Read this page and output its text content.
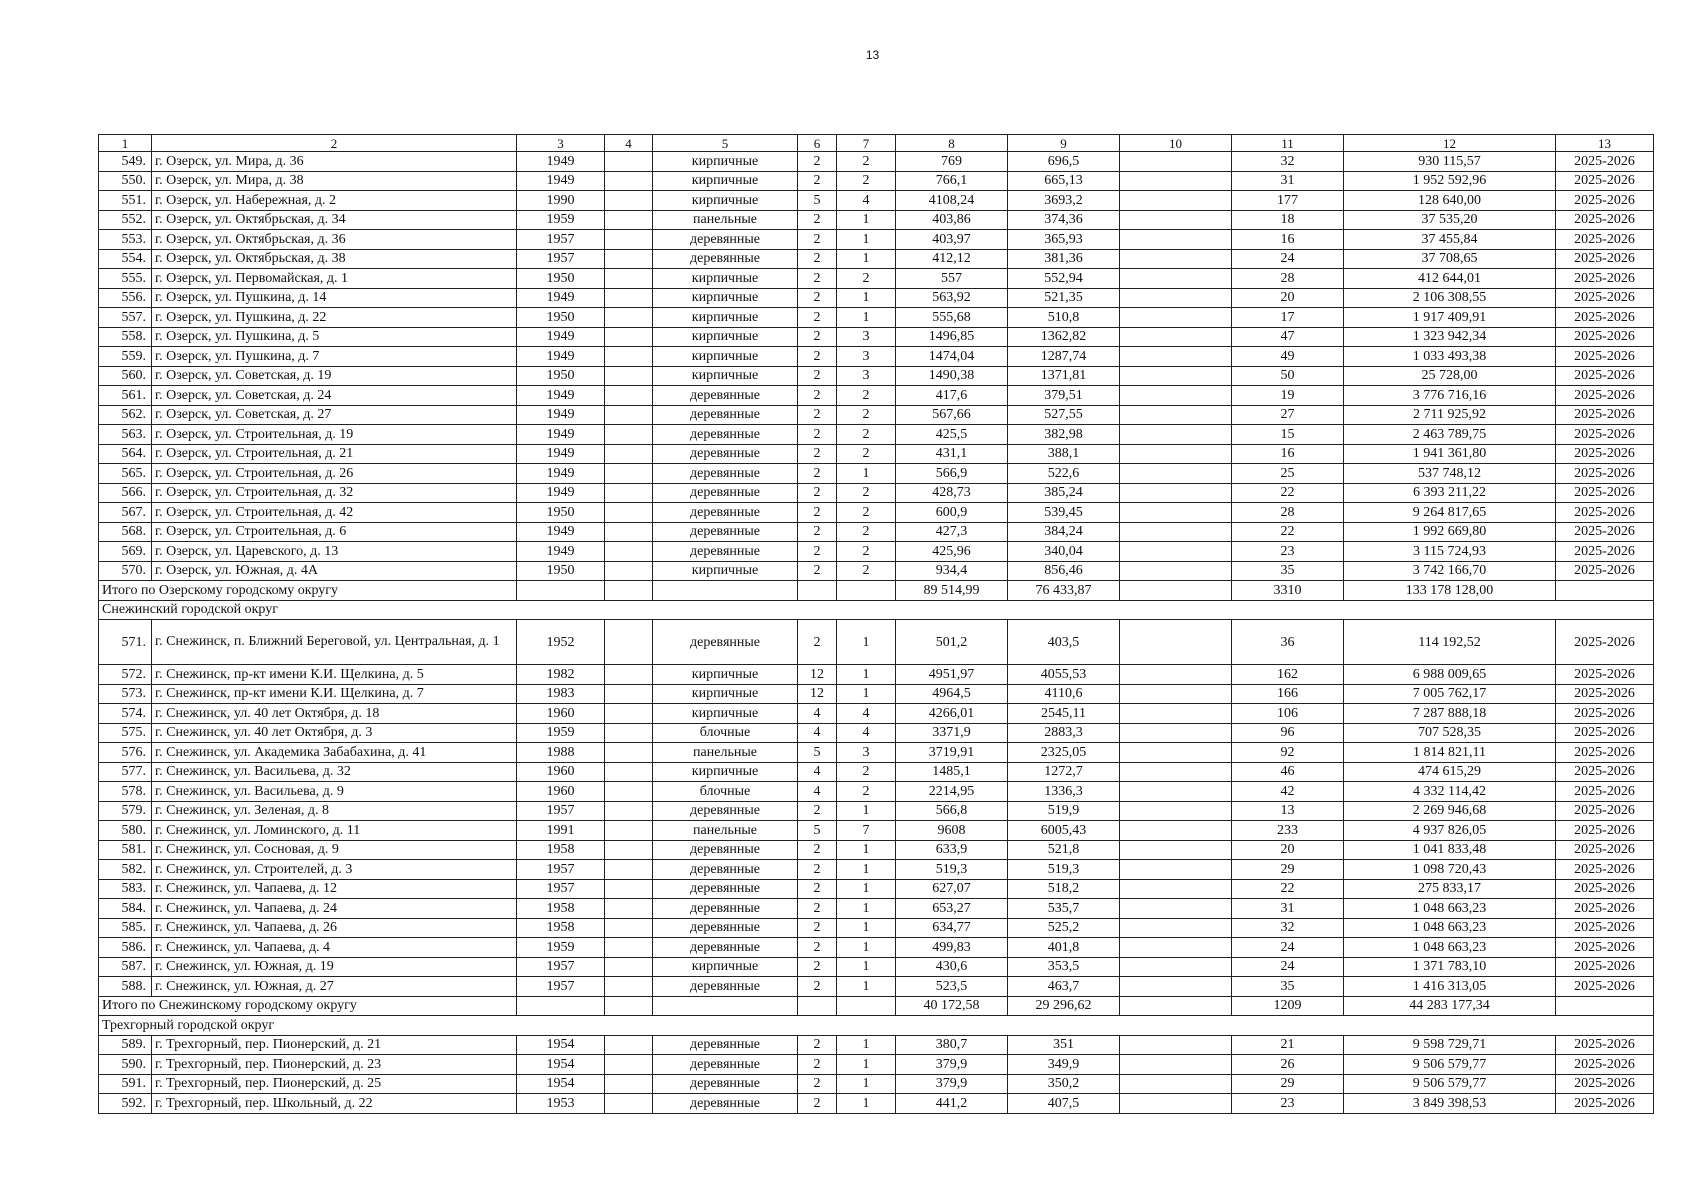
13
1	2	3	4	5	6	7	8	9	10	11	12	13
549.	г. Озерск, ул. Мира, д. 36	1949		кирпичные	2	2	769	696,5		32	930 115,57	2025-2026
550.	г. Озерск, ул. Мира, д. 38	1949		кирпичные	2	2	766,1	665,13		31	1 952 592,96	2025-2026
551.	г. Озерск, ул. Набережная, д. 2	1990		кирпичные	5	4	4108,24	3693,2		177	128 640,00	2025-2026
552.	г. Озерск, ул. Октябрьская, д. 34	1959		панельные	2	1	403,86	374,36		18	37 535,20	2025-2026
553.	г. Озерск, ул. Октябрьская, д. 36	1957		деревянные	2	1	403,97	365,93		16	37 455,84	2025-2026
554.	г. Озерск, ул. Октябрьская, д. 38	1957		деревянные	2	1	412,12	381,36		24	37 708,65	2025-2026
555.	г. Озерск, ул. Первомайская, д. 1	1950		кирпичные	2	2	557	552,94		28	412 644,01	2025-2026
556.	г. Озерск, ул. Пушкина, д. 14	1949		кирпичные	2	1	563,92	521,35		20	2 106 308,55	2025-2026
557.	г. Озерск, ул. Пушкина, д. 22	1950		кирпичные	2	1	555,68	510,8		17	1 917 409,91	2025-2026
558.	г. Озерск, ул. Пушкина, д. 5	1949		кирпичные	2	3	1496,85	1362,82		47	1 323 942,34	2025-2026
559.	г. Озерск, ул. Пушкина, д. 7	1949		кирпичные	2	3	1474,04	1287,74		49	1 033 493,38	2025-2026
560.	г. Озерск, ул. Советская, д. 19	1950		кирпичные	2	3	1490,38	1371,81		50	25 728,00	2025-2026
561.	г. Озерск, ул. Советская, д. 24	1949		деревянные	2	2	417,6	379,51		19	3 776 716,16	2025-2026
562.	г. Озерск, ул. Советская, д. 27	1949		деревянные	2	2	567,66	527,55		27	2 711 925,92	2025-2026
563.	г. Озерск, ул. Строительная, д. 19	1949		деревянные	2	2	425,5	382,98		15	2 463 789,75	2025-2026
564.	г. Озерск, ул. Строительная, д. 21	1949		деревянные	2	2	431,1	388,1		16	1 941 361,80	2025-2026
565.	г. Озерск, ул. Строительная, д. 26	1949		деревянные	2	1	566,9	522,6		25	537 748,12	2025-2026
566.	г. Озерск, ул. Строительная, д. 32	1949		деревянные	2	2	428,73	385,24		22	6 393 211,22	2025-2026
567.	г. Озерск, ул. Строительная, д. 42	1950		деревянные	2	2	600,9	539,45		28	9 264 817,65	2025-2026
568.	г. Озерск, ул. Строительная, д. 6	1949		деревянные	2	2	427,3	384,24		22	1 992 669,80	2025-2026
569.	г. Озерск, ул. Царевского, д. 13	1949		деревянные	2	2	425,96	340,04		23	3 115 724,93	2025-2026
570.	г. Озерск, ул. Южная, д. 4А	1950		кирпичные	2	2	934,4	856,46		35	3 742 166,70	2025-2026
Итого по Озерскому городскому округу							89 514,99	76 433,87		3310	133 178 128,00	
Снежинский городской округ												
571.	г. Снежинск, п. Ближний Береговой, ул. Центральная, д. 1	1952		деревянные	2	1	501,2	403,5		36	114 192,52	2025-2026
572.	г. Снежинск, пр-кт имени К.И. Щелкина, д. 5	1982		кирпичные	12	1	4951,97	4055,53		162	6 988 009,65	2025-2026
573.	г. Снежинск, пр-кт имени К.И. Щелкина, д. 7	1983		кирпичные	12	1	4964,5	4110,6		166	7 005 762,17	2025-2026
574.	г. Снежинск, ул. 40 лет Октября, д. 18	1960		кирпичные	4	4	4266,01	2545,11		106	7 287 888,18	2025-2026
575.	г. Снежинск, ул. 40 лет Октября, д. 3	1959		блочные	4	4	3371,9	2883,3		96	707 528,35	2025-2026
576.	г. Снежинск, ул. Академика Забабахина, д. 41	1988		панельные	5	3	3719,91	2325,05		92	1 814 821,11	2025-2026
577.	г. Снежинск, ул. Васильева, д. 32	1960		кирпичные	4	2	1485,1	1272,7		46	474 615,29	2025-2026
578.	г. Снежинск, ул. Васильева, д. 9	1960		блочные	4	2	2214,95	1336,3		42	4 332 114,42	2025-2026
579.	г. Снежинск, ул. Зеленая, д. 8	1957		деревянные	2	1	566,8	519,9		13	2 269 946,68	2025-2026
580.	г. Снежинск, ул. Ломинского, д. 11	1991		панельные	5	7	9608	6005,43		233	4 937 826,05	2025-2026
581.	г. Снежинск, ул. Сосновая, д. 9	1958		деревянные	2	1	633,9	521,8		20	1 041 833,48	2025-2026
582.	г. Снежинск, ул. Строителей, д. 3	1957		деревянные	2	1	519,3	519,3		29	1 098 720,43	2025-2026
583.	г. Снежинск, ул. Чапаева, д. 12	1957		деревянные	2	1	627,07	518,2		22	275 833,17	2025-2026
584.	г. Снежинск, ул. Чапаева, д. 24	1958		деревянные	2	1	653,27	535,7		31	1 048 663,23	2025-2026
585.	г. Снежинск, ул. Чапаева, д. 26	1958		деревянные	2	1	634,77	525,2		32	1 048 663,23	2025-2026
586.	г. Снежинск, ул. Чапаева, д. 4	1959		деревянные	2	1	499,83	401,8		24	1 048 663,23	2025-2026
587.	г. Снежинск, ул. Южная, д. 19	1957		кирпичные	2	1	430,6	353,5		24	1 371 783,10	2025-2026
588.	г. Снежинск, ул. Южная, д. 27	1957		деревянные	2	1	523,5	463,7		35	1 416 313,05	2025-2026
Итого по Снежинскому городскому округу							40 172,58	29 296,62		1209	44 283 177,34	
Трехгорный городской округ												
589.	г. Трехгорный, пер. Пионерский, д. 21	1954		деревянные	2	1	380,7	351		21	9 598 729,71	2025-2026
590.	г. Трехгорный, пер. Пионерский, д. 23	1954		деревянные	2	1	379,9	349,9		26	9 506 579,77	2025-2026
591.	г. Трехгорный, пер. Пионерский, д. 25	1954		деревянные	2	1	379,9	350,2		29	9 506 579,77	2025-2026
592.	г. Трехгорный, пер. Школьный, д. 22	1953		деревянные	2	1	441,2	407,5		23	3 849 398,53	2025-2026
